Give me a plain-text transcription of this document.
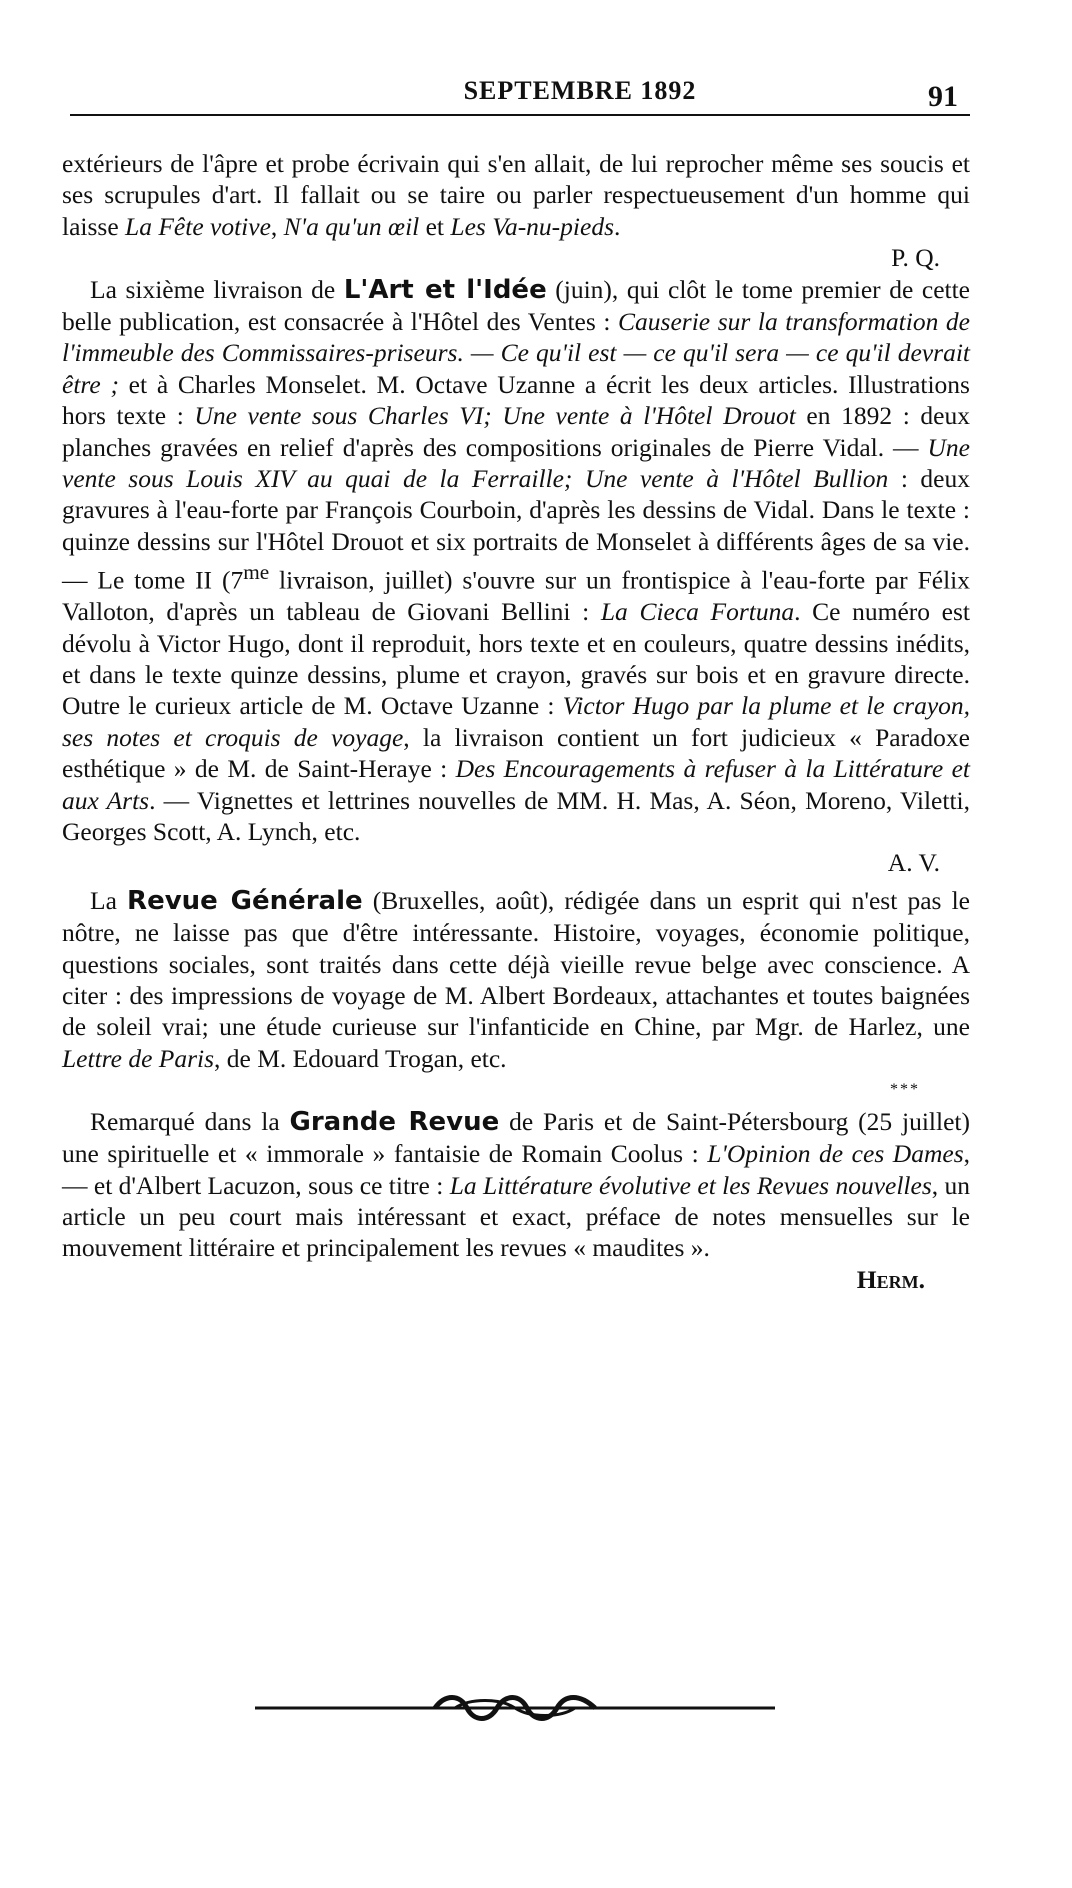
SEPTEMBRE 1892	91

extérieurs de l'âpre et probe écrivain qui s'en allait, de lui reprocher même ses soucis et ses scrupules d'art. Il fallait ou se taire ou parler respectueusement d'un homme qui laisse La Fête votive, N'a qu'un œil et Les Va-nu-pieds.

P. Q.

La sixième livraison de L'Art et l'Idée (juin), qui clôt le tome premier de cette belle publication, est consacrée à l'Hôtel des Ventes : Causerie sur la transformation de l'immeuble des Commissaires-priseurs. — Ce qu'il est — ce qu'il sera — ce qu'il devrait être ; et à Charles Monselet. M. Octave Uzanne a écrit les deux articles. Illustrations hors texte : Une vente sous Charles VI; Une vente à l'Hôtel Drouot en 1892 : deux planches gravées en relief d'après des compositions originales de Pierre Vidal. — Une vente sous Louis XIV au quai de la Ferraille; Une vente à l'Hôtel Bullion : deux gravures à l'eau-forte par François Courboin, d'après les dessins de Vidal. Dans le texte : quinze dessins sur l'Hôtel Drouot et six portraits de Monselet à différents âges de sa vie. — Le tome II ($7^{me}$ livraison, juillet) s'ouvre sur un frontispice à l'eau-forte par Félix Valloton, d'après un tableau de Giovani Bellini : La Cieca Fortuna. Ce numéro est dévolu à Victor Hugo, dont il reproduit, hors texte et en couleurs, quatre dessins inédits, et dans le texte quinze dessins, plume et crayon, gravés sur bois et en gravure directe. Outre le curieux article de M. Octave Uzanne : Victor Hugo par la plume et le crayon, ses notes et croquis de voyage, la livraison contient un fort judicieux « Paradoxe esthétique » de M. de Saint-Heraye : Des Encouragements à refuser à la Littérature et aux Arts. — Vignettes et lettrines nouvelles de MM. H. Mas, A. Séon, Moreno, Viletti, Georges Scott, A. Lynch, etc.

A. V.

La Revue Générale (Bruxelles, août), rédigée dans un esprit qui n'est pas le nôtre, ne laisse pas que d'être intéressante. Histoire, voyages, économie politique, questions sociales, sont traités dans cette déjà vieille revue belge avec conscience. A citer : des impressions de voyage de M. Albert Bordeaux, attachantes et toutes baignées de soleil vrai; une étude curieuse sur l'infanticide en Chine, par Mgr. de Harlez, une Lettre de Paris, de M. Edouard Trogan, etc.

***

Remarqué dans la Grande Revue de Paris et de Saint-Pétersbourg (25 juillet) une spirituelle et « immorale » fantaisie de Romain Coolus : L'Opinion de ces Dames, — et d'Albert Lacuzon, sous ce titre : La Littérature évolutive et les Revues nouvelles, un article un peu court mais intéressant et exact, préface de notes mensuelles sur le mouvement littéraire et principalement les revues « maudites ».

Herm.
